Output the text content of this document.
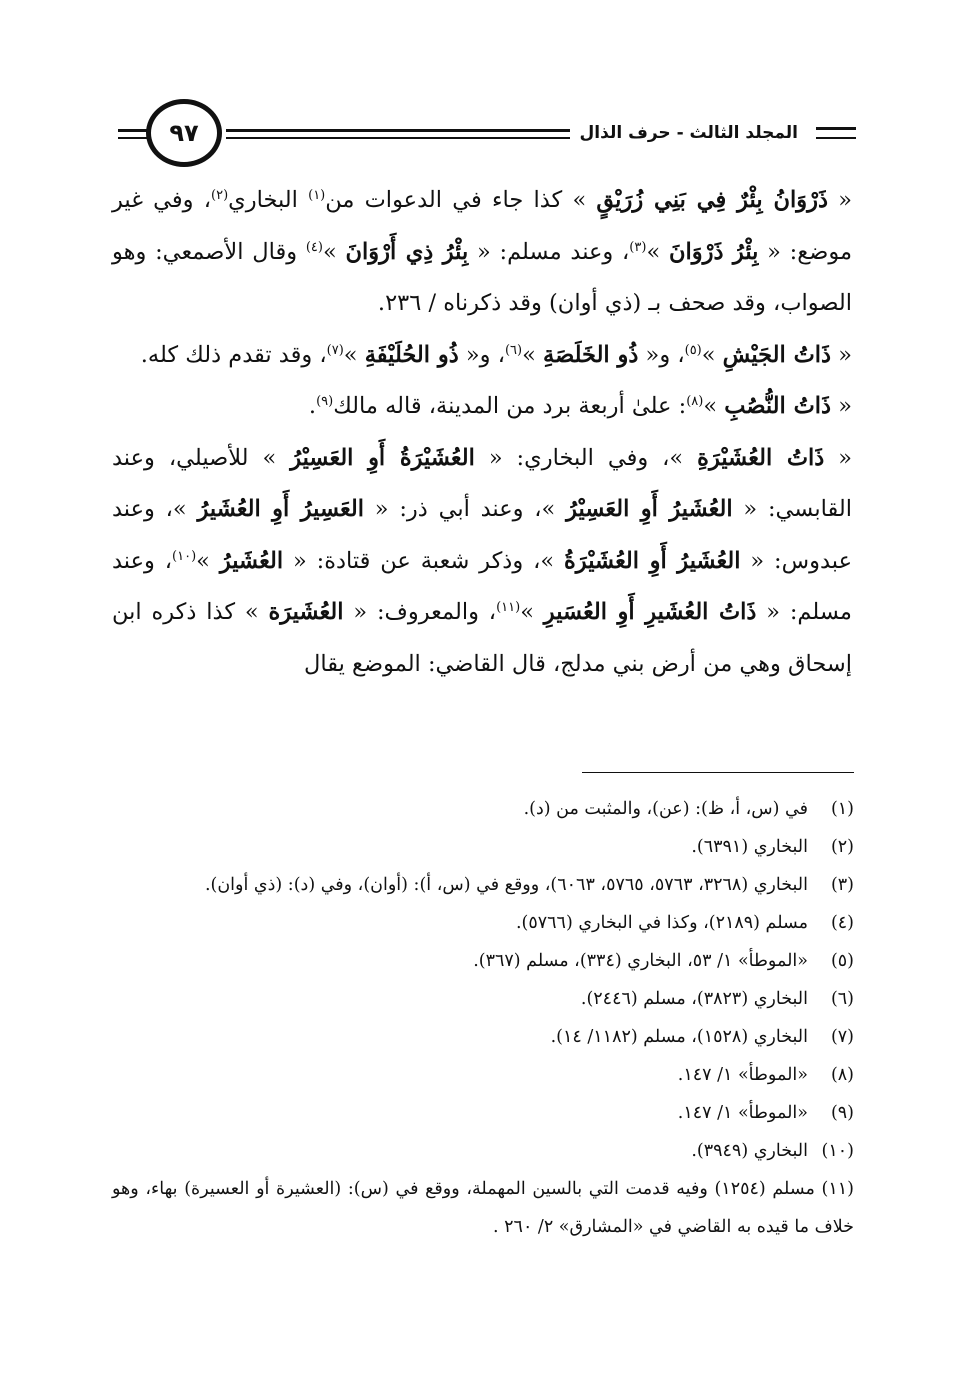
٩٧	المجلد الثالث - حرف الذال

« ذَرْوَانُ بِئْرٌ فِي بَنِي زُرَيْقٍ » كذا جاء في الدعوات من$^{(١)}$ البخاري$^{(٢)}$، وفي غير موضع: « بِئْرُ ذَرْوَانَ »$^{(٣)}$، وعند مسلم: « بِئْرُ ذِي أَرْوَانَ »$^{(٤)}$ وقال الأصمعي: وهو الصواب، وقد صحف بـ (ذي أوان) وقد ذكرناه / ٢٣٦.

« ذَاتُ الجَيْشِ »$^{(٥)}$، و« ذُو الخَلَصَةِ »$^{(٦)}$، و« ذُو الحُلَيْفَةِ »$^{(٧)}$، وقد تقدم ذلك كله.

« ذَاتُ النُّصُبِ »$^{(٨)}$: علىٰ أربعة برد من المدينة، قاله مالك$^{(٩)}$.

« ذَاتُ العُشَيْرَةِ »، وفي البخاري: « العُشَيْرَةُ أَوِ العَسِيْرُ » للأصيلي، وعند القابسي: « العُشَيرُ أَوِ العَسِيْرُ »، وعند أبي ذر: « العَسِيرُ أَوِ العُشَيرُ »، وعند عبدوس: « العُشَيرُ أَوِ العُشَيْرَةُ »، وذكر شعبة عن قتادة: « العُشَيرُ »$^{(١٠)}$، وعند مسلم: « ذَاتُ العُشَيرِ أَوِ العُسَيرِ »$^{(١١)}$، والمعروف: « العُشَيرَة » كذا ذكره ابن إسحاق وهي من أرض بني مدلج، قال القاضي: الموضع يقال

(١)
في (س، أ، ظ): (عن)، والمثبت من (د).

(٢)
البخاري (٦٣٩١).

(٣)
البخاري (٣٢٦٨، ٥٧٦٣، ٥٧٦٥، ٦٠٦٣)، ووقع في (س، أ): (أوان)، وفي (د): (ذي أوان).

(٤)
مسلم (٢١٨٩)، وكذا في البخاري (٥٧٦٦).

(٥)
«الموطأ» ١/ ٥٣، البخاري (٣٣٤)، مسلم (٣٦٧).

(٦)
البخاري (٣٨٢٣)، مسلم (٢٤٤٦).

(٧)
البخاري (١٥٢٨)، مسلم (١١٨٢/ ١٤).

(٨)
«الموطأ» ١/ ١٤٧.

(٩)
«الموطأ» ١/ ١٤٧.

(١٠)
البخاري (٣٩٤٩).

(١١) مسلم (١٢٥٤) وفيه قدمت التي بالسين المهملة، ووقع في (س): (العشيرة أو العسيرة) بهاء، وهو خلاف ما قيده به القاضي في «المشارق» ٢/ ٢٦٠ .
